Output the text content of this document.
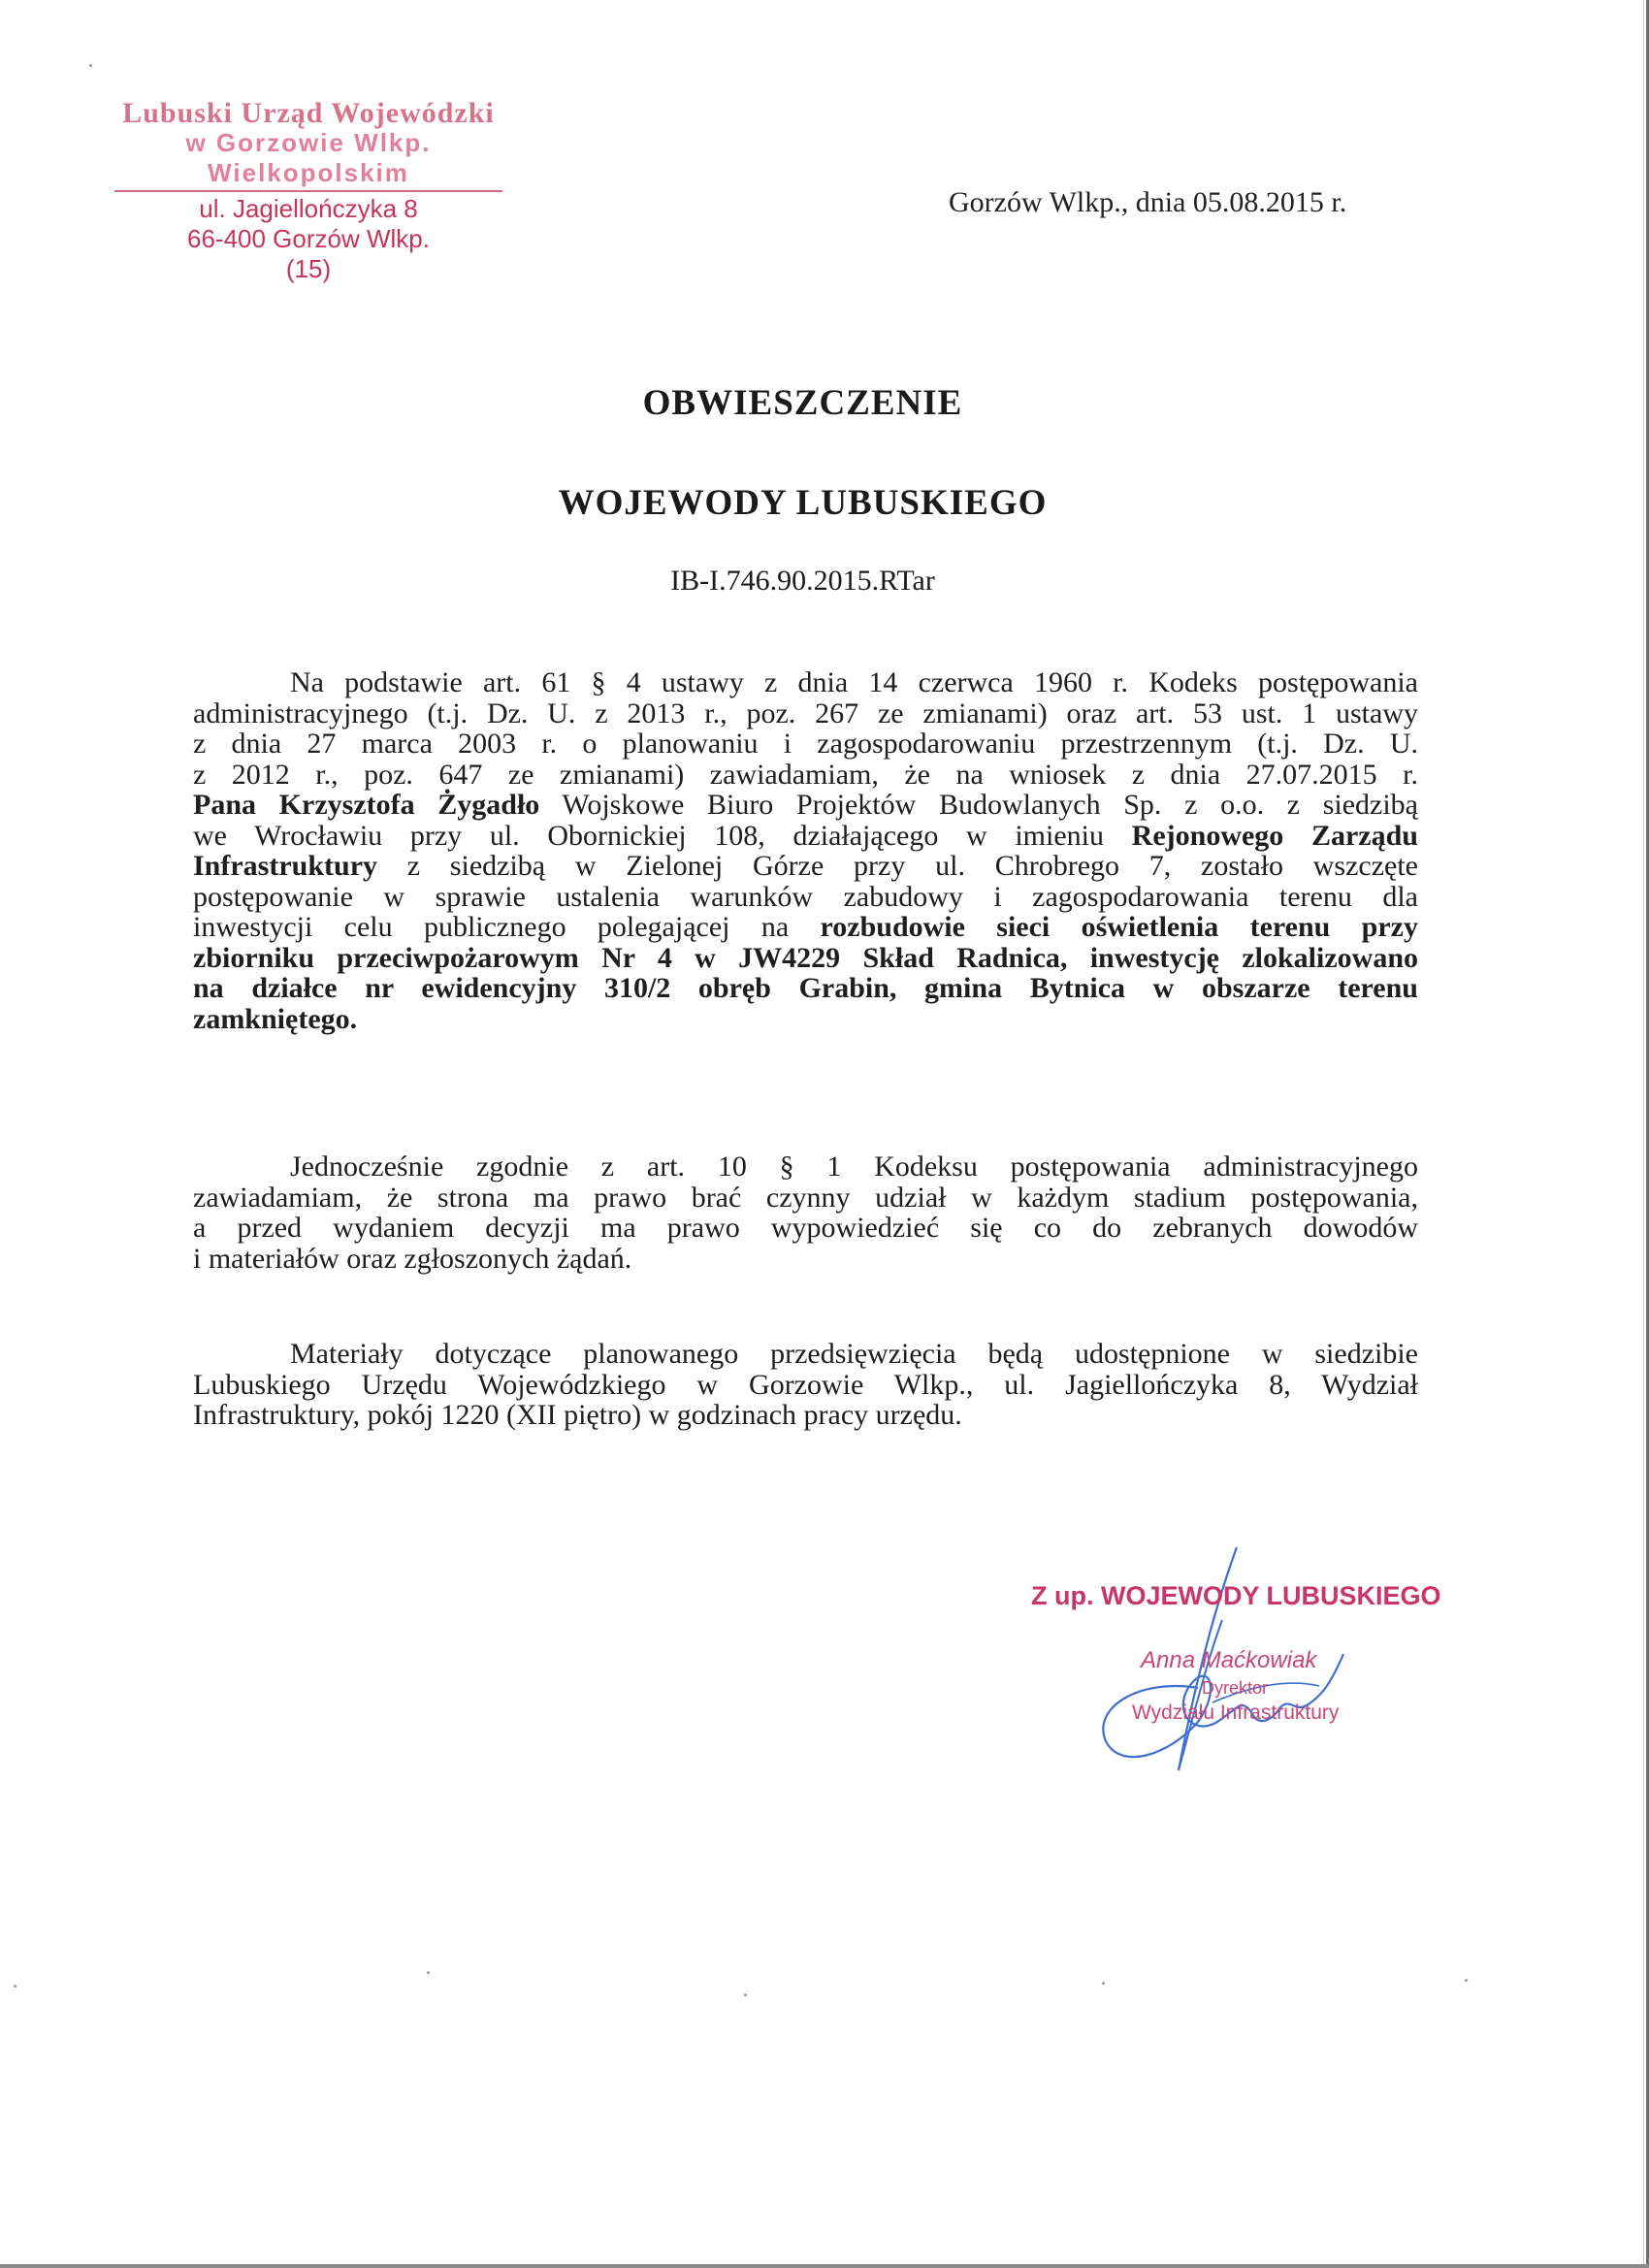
Lubuski Urząd Wojewódzki
w Gorzowie Wlkp. Wielkopolskim
ul. Jagiellończyka 8
66-400 Gorzów Wlkp.
(15)
Gorzów Wlkp., dnia 05.08.2015 r.
OBWIESZCZENIE
WOJEWODY LUBUSKIEGO
IB-I.746.90.2015.RTar
Na podstawie art. 61 § 4 ustawy z dnia 14 czerwca 1960 r. Kodeks postępowania
administracyjnego (t.j. Dz. U. z 2013 r., poz. 267 ze zmianami) oraz art. 53 ust. 1 ustawy
z dnia 27 marca 2003 r. o planowaniu i zagospodarowaniu przestrzennym (t.j. Dz. U.
z 2012 r., poz. 647 ze zmianami) zawiadamiam, że na wniosek z dnia 27.07.2015 r.
Pana Krzysztofa Żygadło Wojskowe Biuro Projektów Budowlanych Sp. z o.o. z siedzibą
we Wrocławiu przy ul. Obornickiej 108, działającego w imieniu Rejonowego Zarządu
Infrastruktury z siedzibą w Zielonej Górze przy ul. Chrobrego 7, zostało wszczęte
postępowanie w sprawie ustalenia warunków zabudowy i zagospodarowania terenu dla
inwestycji celu publicznego polegającej na rozbudowie sieci oświetlenia terenu przy
zbiorniku przeciwpożarowym Nr 4 w JW4229 Skład Radnica, inwestycję zlokalizowano
na działce nr ewidencyjny 310/2 obręb Grabin, gmina Bytnica w obszarze terenu
zamkniętego.
Jednocześnie zgodnie z art. 10 § 1 Kodeksu postępowania administracyjnego
zawiadamiam, że strona ma prawo brać czynny udział w każdym stadium postępowania,
a przed wydaniem decyzji ma prawo wypowiedzieć się co do zebranych dowodów
i materiałów oraz zgłoszonych żądań.
Materiały dotyczące planowanego przedsięwzięcia będą udostępnione w siedzibie
Lubuskiego Urzędu Wojewódzkiego w Gorzowie Wlkp., ul. Jagiellończyka 8, Wydział
Infrastruktury, pokój 1220 (XII piętro) w godzinach pracy urzędu.
Z up. WOJEWODY LUBUSKIEGO
Anna Maćkowiak
Dyrektor
Wydziału Infrastruktury
